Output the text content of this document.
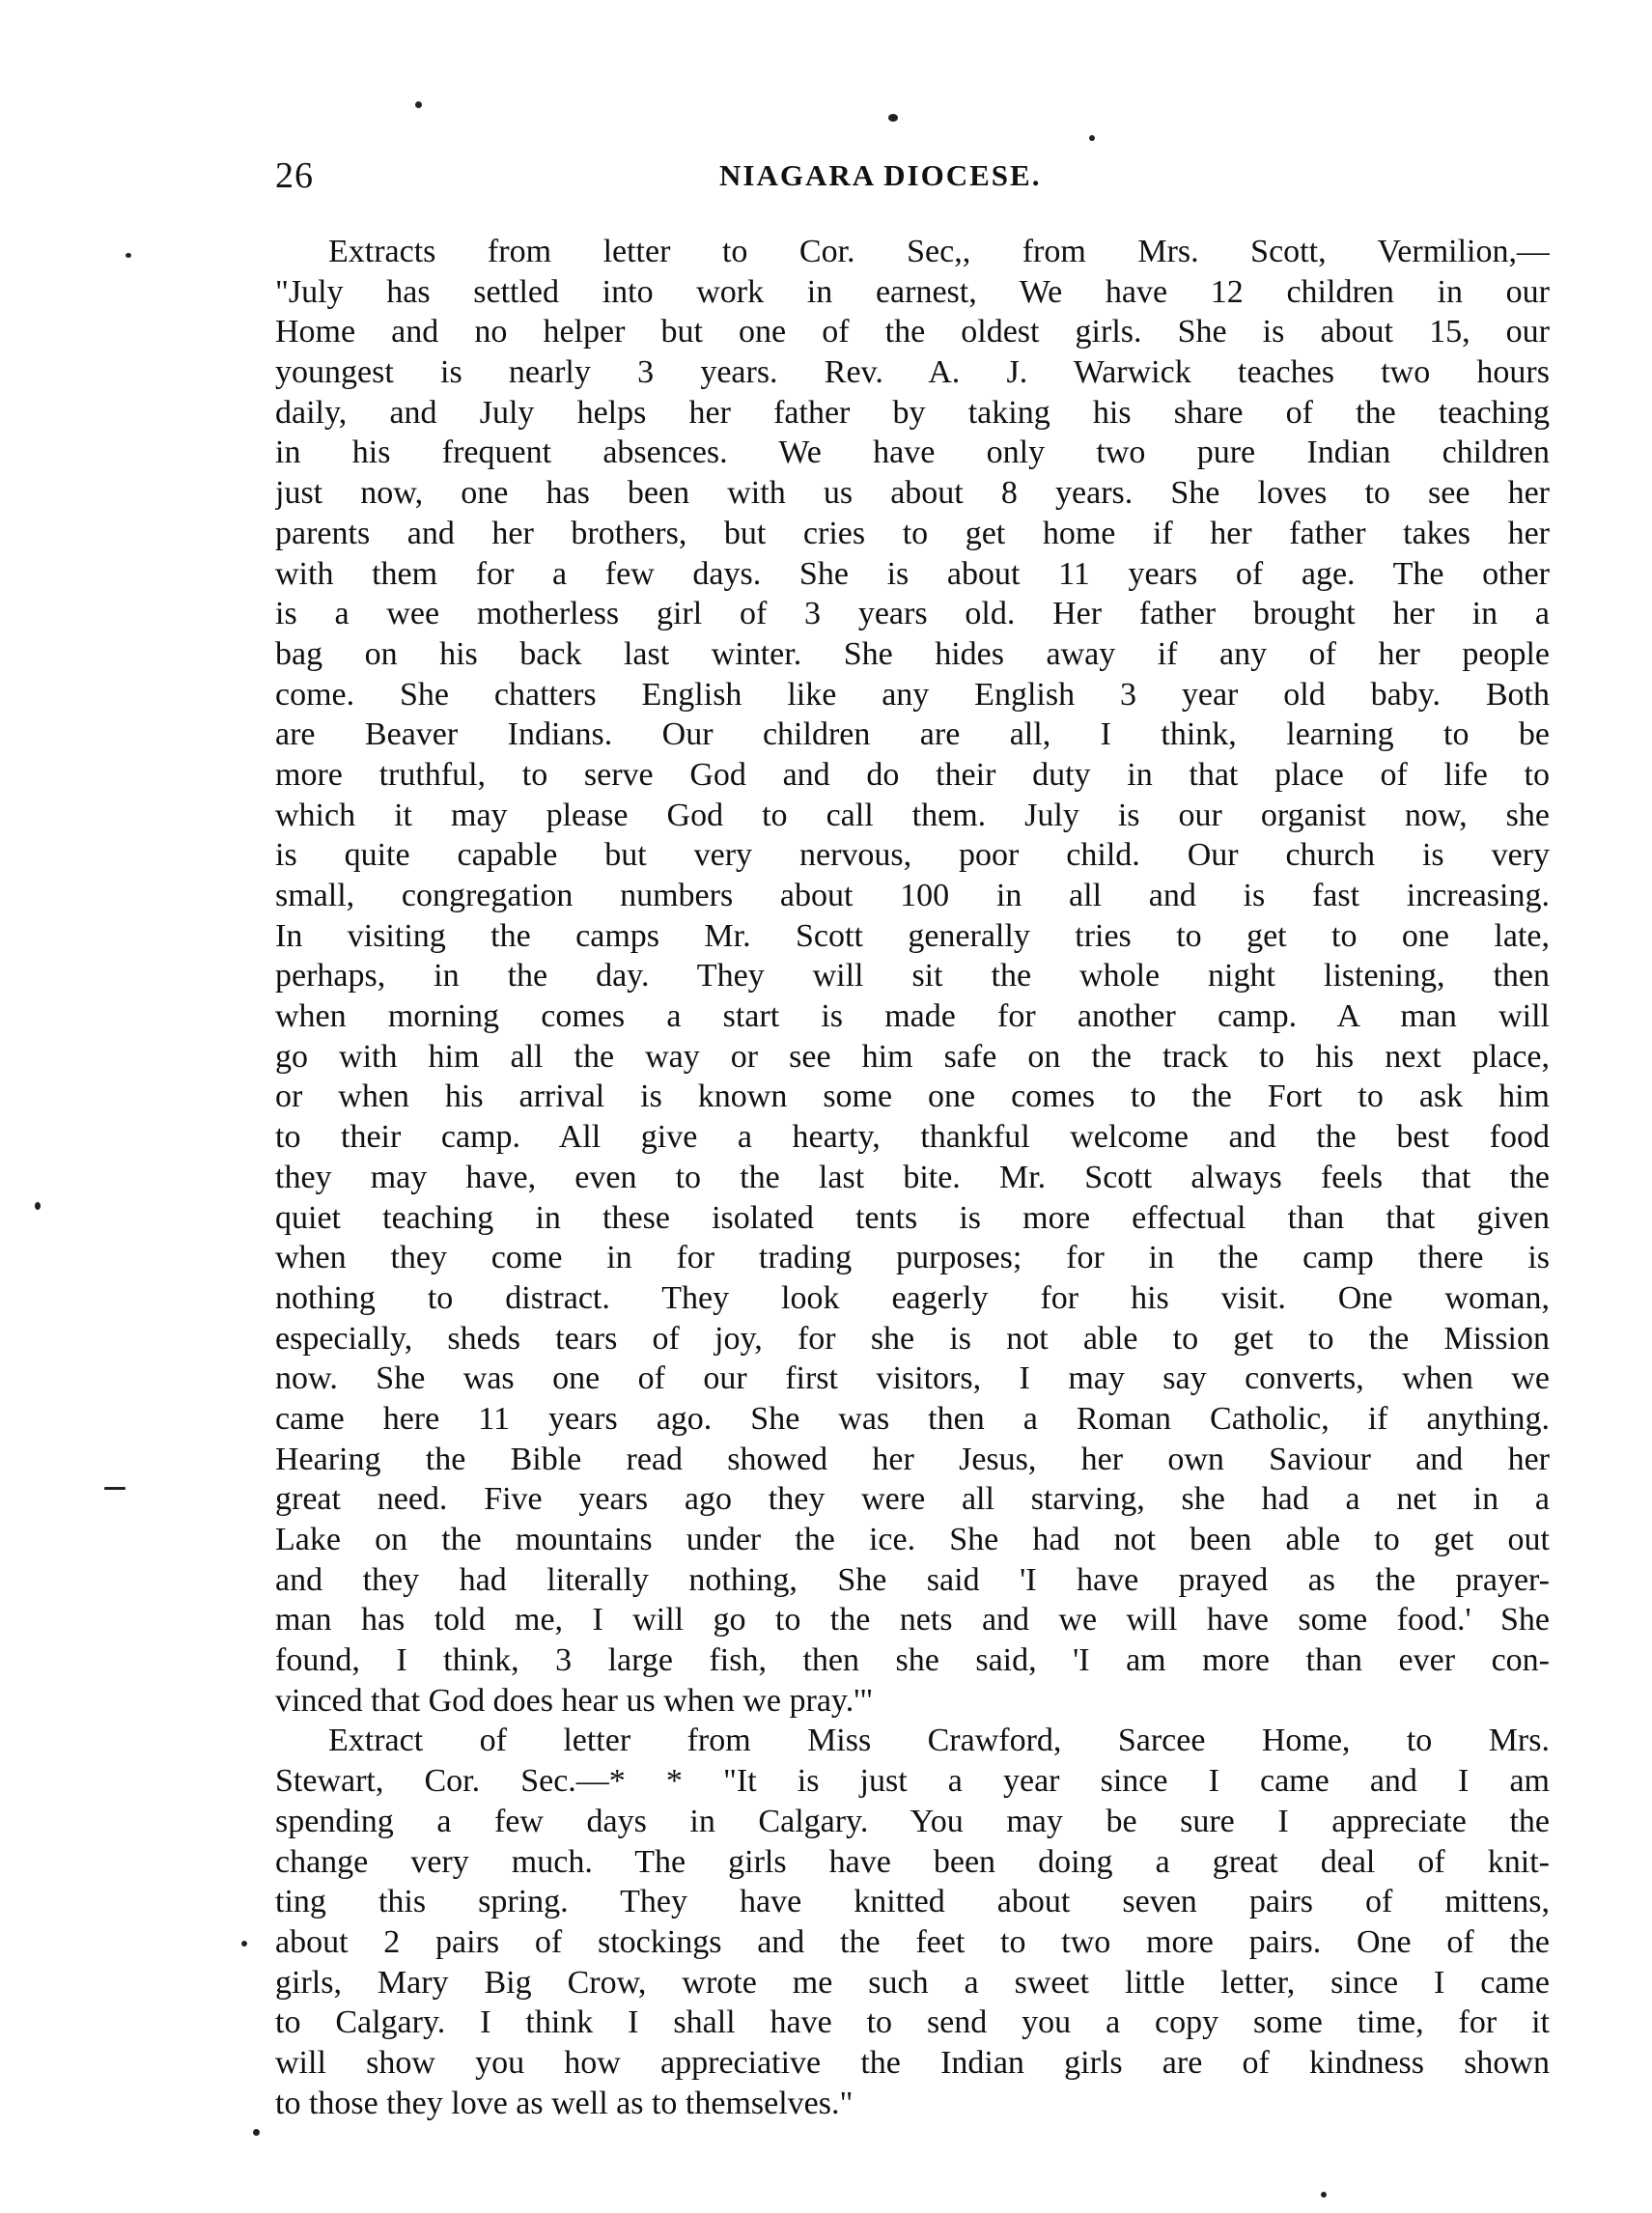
26	NIAGARA DIOCESE.
Extracts from letter to Cor. Sec,, from Mrs. Scott, Vermilion,—
"July has settled into work in earnest, We have 12 children in our
Home and no helper but one of the oldest girls. She is about 15, our
youngest is nearly 3 years. Rev. A. J. Warwick teaches two hours
daily, and July helps her father by taking his share of the teaching
in his frequent absences. We have only two pure Indian children
just now, one has been with us about 8 years. She loves to see her
parents and her brothers, but cries to get home if her father takes her
with them for a few days. She is about 11 years of age. The other
is a wee motherless girl of 3 years old. Her father brought her in a
bag on his back last winter. She hides away if any of her people
come. She chatters English like any English 3 year old baby. Both
are Beaver Indians. Our children are all, I think, learning to be
more truthful, to serve God and do their duty in that place of life to
which it may please God to call them. July is our organist now, she
is quite capable but very nervous, poor child. Our church is very
small, congregation numbers about 100 in all and is fast increasing.
In visiting the camps Mr. Scott generally tries to get to one late,
perhaps, in the day. They will sit the whole night listening, then
when morning comes a start is made for another camp. A man will
go with him all the way or see him safe on the track to his next place,
or when his arrival is known some one comes to the Fort to ask him
to their camp. All give a hearty, thankful welcome and the best food
they may have, even to the last bite. Mr. Scott always feels that the
quiet teaching in these isolated tents is more effectual than that given
when they come in for trading purposes; for in the camp there is
nothing to distract. They look eagerly for his visit. One woman,
especially, sheds tears of joy, for she is not able to get to the Mission
now. She was one of our first visitors, I may say converts, when we
came here 11 years ago. She was then a Roman Catholic, if anything.
Hearing the Bible read showed her Jesus, her own Saviour and her
great need. Five years ago they were all starving, she had a net in a
Lake on the mountains under the ice. She had not been able to get out
and they had literally nothing, She said 'I have prayed as the prayer-
man has told me, I will go to the nets and we will have some food.' She
found, I think, 3 large fish, then she said, 'I am more than ever con-
vinced that God does hear us when we pray.'"
Extract of letter from Miss Crawford, Sarcee Home, to Mrs.
Stewart, Cor. Sec.—* * "It is just a year since I came and I am
spending a few days in Calgary. You may be sure I appreciate the
change very much. The girls have been doing a great deal of knit-
ting this spring. They have knitted about seven pairs of mittens,
about 2 pairs of stockings and the feet to two more pairs. One of the
girls, Mary Big Crow, wrote me such a sweet little letter, since I came
to Calgary. I think I shall have to send you a copy some time, for it
will show you how appreciative the Indian girls are of kindness shown
to those they love as well as to themselves."
